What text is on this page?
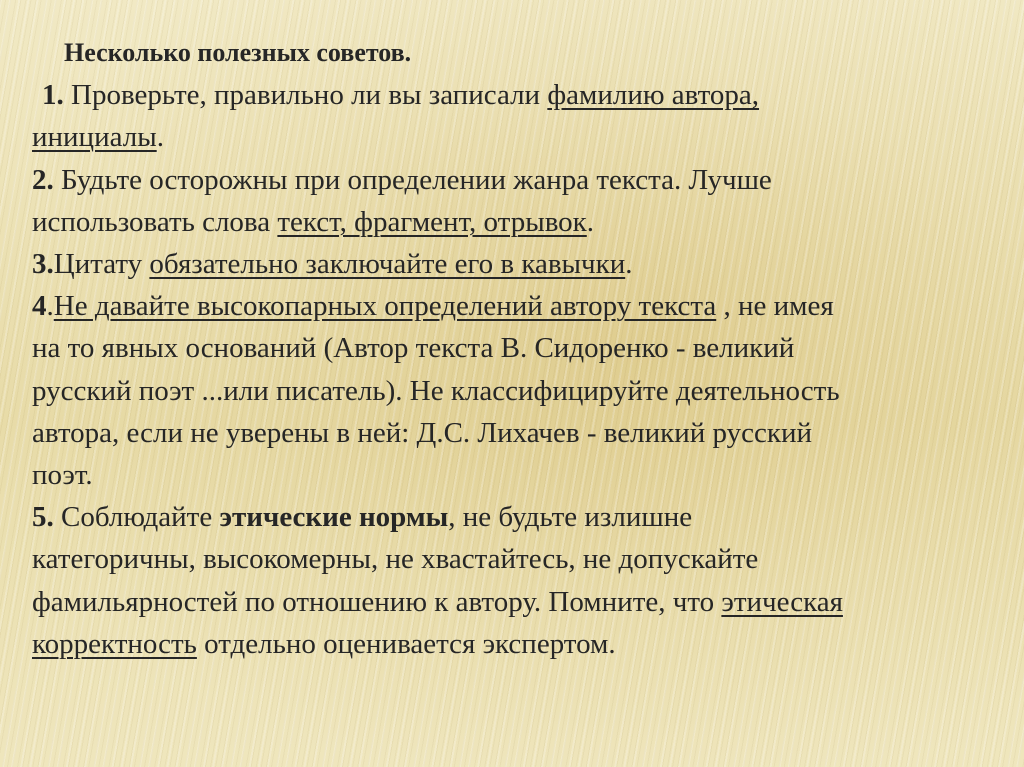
Несколько полезных советов.
1. Проверьте, правильно ли вы записали фамилию автора,
инициалы.
2. Будьте осторожны при определении жанра текста. Лучше
использовать слова текст, фрагмент, отрывок.
3.Цитату обязательно заключайте его в кавычки.
4.Не давайте высокопарных определений автору текста , не имея
на то явных оснований (Автор текста В. Сидоренко - великий
русский поэт ...или писатель). Не классифицируйте деятельность
автора, если не уверены в ней: Д.С. Лихачев - великий русский
поэт.
5. Соблюдайте этические нормы, не будьте излишне
категоричны, высокомерны, не хвастайтесь, не допускайте
фамильярностей по отношению к автору. Помните, что этическая
корректность отдельно оценивается экспертом.
